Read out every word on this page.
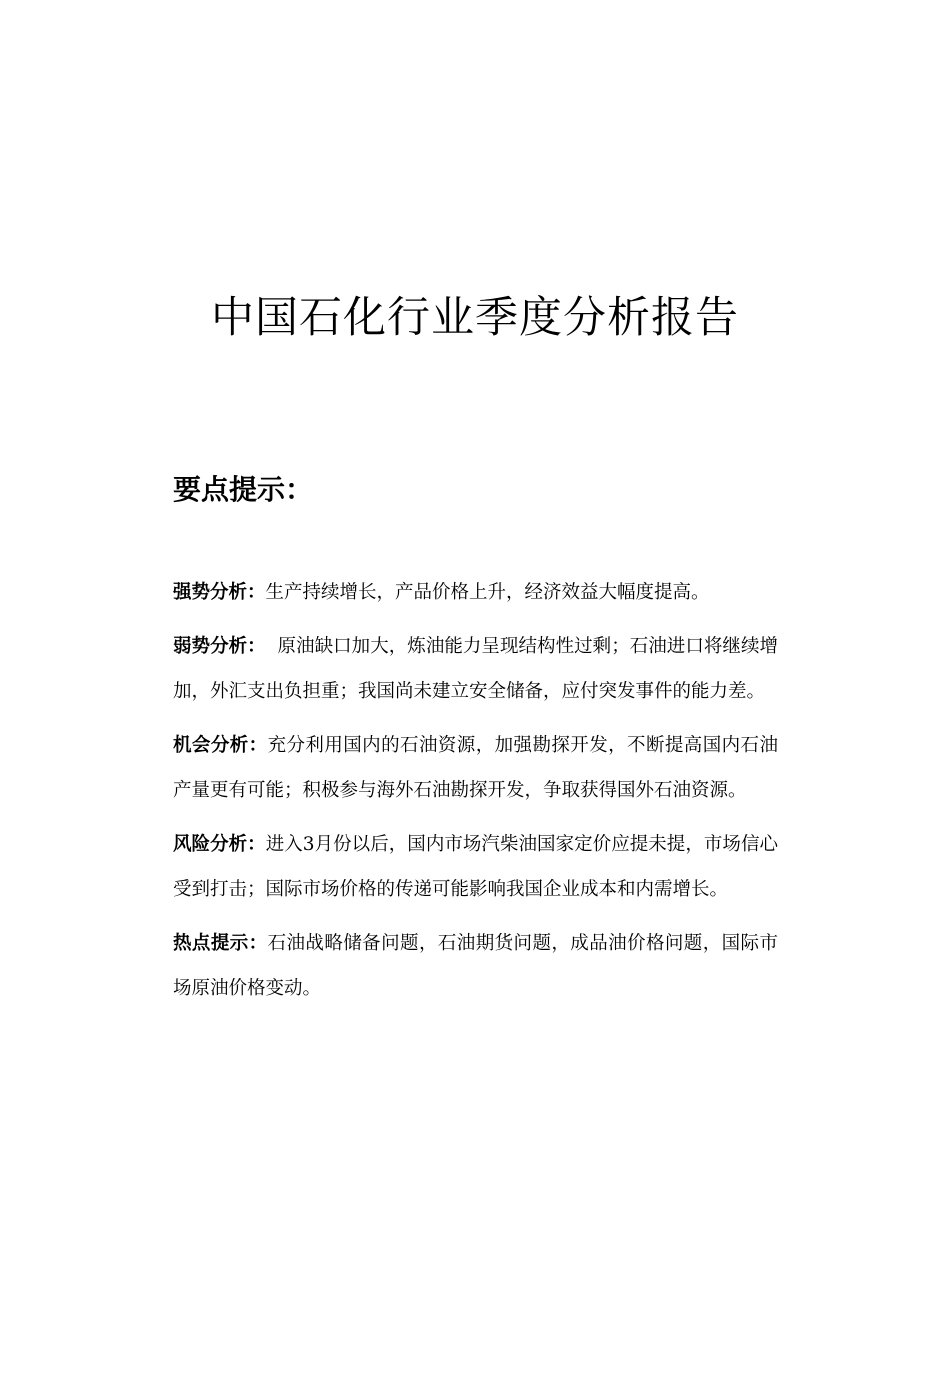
中国石化行业季度分析报告
要点提示：

强势分析：生产持续增长，产品价格上升，经济效益大幅度提高。

弱势分析：  原油缺口加大，炼油能力呈现结构性过剩；石油进口将继续增加，外汇支出负担重；我国尚未建立安全储备，应付突发事件的能力差。

机会分析：充分利用国内的石油资源，加强勘探开发，不断提高国内石油产量更有可能；积极参与海外石油勘探开发，争取获得国外石油资源。

风险分析：进入3月份以后，国内市场汽柴油国家定价应提未提，市场信心受到打击；国际市场价格的传递可能影响我国企业成本和内需增长。

热点提示：石油战略储备问题，石油期货问题，成品油价格问题，国际市场原油价格变动。
